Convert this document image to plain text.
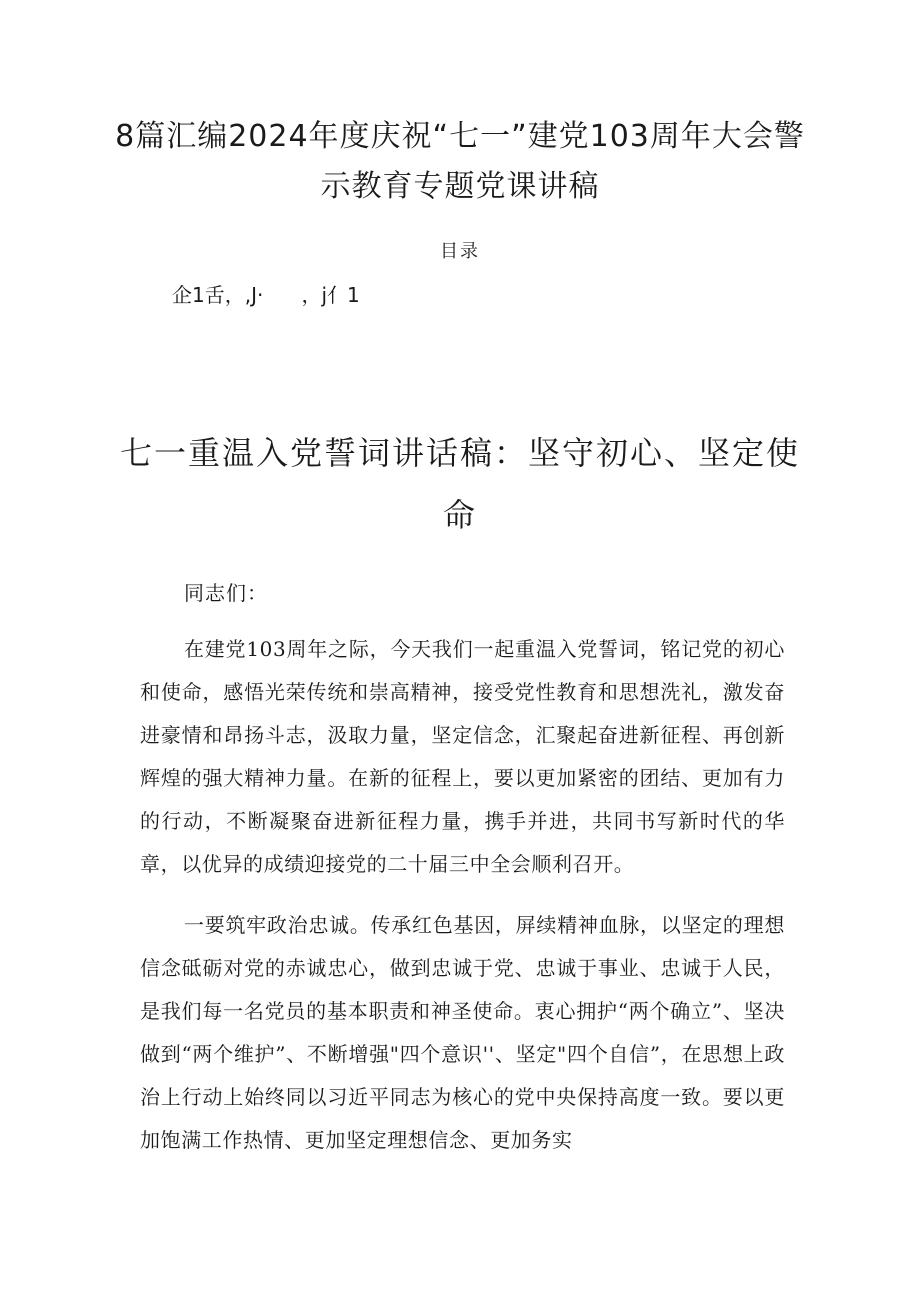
8篇汇编2024年度庆祝“七一”建党103周年大会警示教育专题党课讲稿
目录
企1舌，,J·      ，j亻1
七一重温入党誓词讲话稿：坚守初心、坚定使命
同志们：

在建党103周年之际，今天我们一起重温入党誓词，铭记党的初心和使命，感悟光荣传统和崇高精神，接受党性教育和思想洗礼，激发奋进豪情和昂扬斗志，汲取力量，坚定信念，汇聚起奋进新征程、再创新辉煌的强大精神力量。在新的征程上，要以更加紧密的团结、更加有力的行动，不断凝聚奋进新征程力量，携手并进，共同书写新时代的华章，以优异的成绩迎接党的二十届三中全会顺利召开。

一要筑牢政治忠诚。传承红色基因，屏续精神血脉，以坚定的理想信念砥砺对党的赤诚忠心，做到忠诚于党、忠诚于事业、忠诚于人民，是我们每一名党员的基本职责和神圣使命。衷心拥护“两个确立”、坚决做到“两个维护”、不断增强"四个意识''、坚定"四个自信”，在思想上政治上行动上始终同以习近平同志为核心的党中央保持高度一致。要以更加饱满工作热情、更加坚定理想信念、更加务实
